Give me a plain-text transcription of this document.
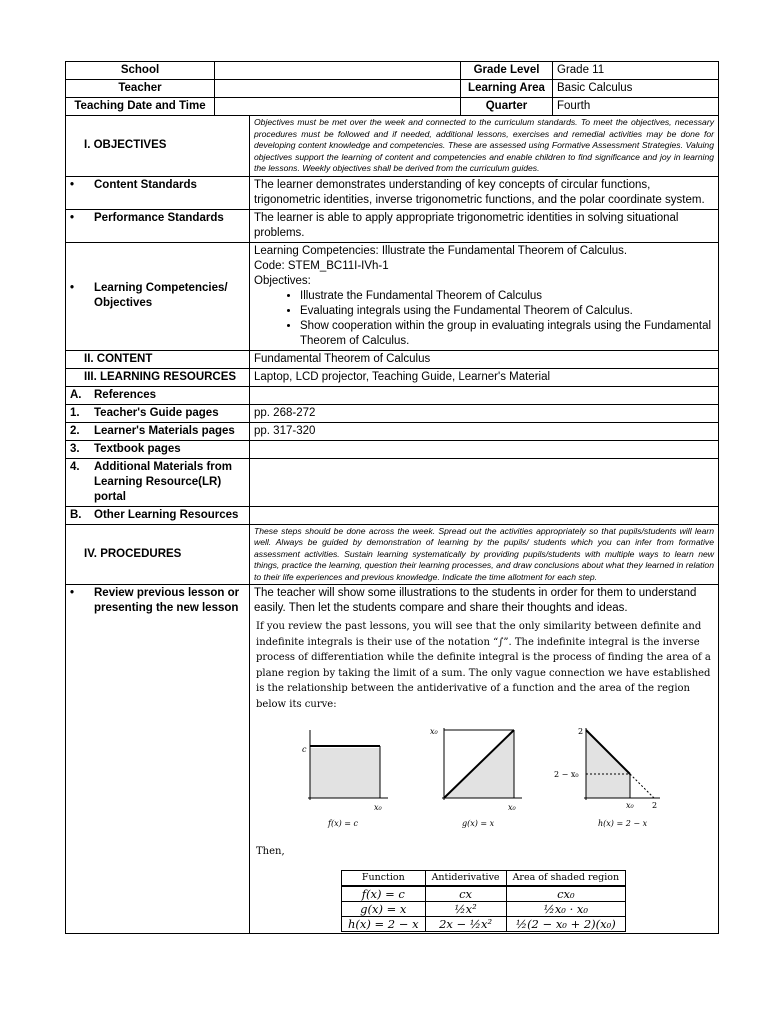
School		Grade Level	Grade 11
Teacher		Learning Area	Basic Calculus
Teaching Date and Time		Quarter	Fourth
I. OBJECTIVES	Objectives must be met over the week and connected to the curriculum standards. To meet the objectives, necessary procedures must be followed and if needed, additional lessons, exercises and remedial activities may be done for developing content knowledge and competencies. These are assessed using Formative Assessment Strategies. Valuing objectives support the learning of content and competencies and enable children to find significance and joy in learning the lessons. Weekly objectives shall be derived from the curriculum guides.

•	Content Standards	The learner demonstrates understanding of key concepts of circular functions, trigonometric identities, inverse trigonometric functions, and the polar coordinate system.

•	Performance Standards	The learner is able to apply appropriate trigonometric identities in solving situational problems.

•	Learning Competencies/ Objectives

Learning Competencies: Illustrate the Fundamental Theorem of Calculus.
Code: STEM_BC11I-IVh-1
Objectives:
• Illustrate the Fundamental Theorem of Calculus
• Evaluating integrals using the Fundamental Theorem of Calculus.
• Show cooperation within the group in evaluating integrals using the Fundamental Theorem of Calculus.

II. CONTENT	Fundamental Theorem of Calculus
III. LEARNING RESOURCES	Laptop, LCD projector, Teaching Guide, Learner's Material

A.	References

1.	Teacher's Guide pages	pp. 268-272

2.	Learner's Materials pages	pp. 317-320

3.	Textbook pages

4.	Additional Materials from Learning Resource(LR) portal

B.	Other Learning Resources

IV. PROCEDURES	These steps should be done across the week. Spread out the activities appropriately so that pupils/students will learn well. Always be guided by demonstration of learning by the pupils/ students which you can infer from formative assessment activities. Sustain learning systematically by providing pupils/students with multiple ways to learn new things, practice the learning, question their learning processes, and draw conclusions about what they learned in relation to their life experiences and previous knowledge. Indicate the time allotment for each step.

•	Review previous lesson or presenting the new lesson

The teacher will show some illustrations to the students in order for them to understand easily. Then let the students compare and share their thoughts and ideas.

If you review the past lessons, you will see that the only similarity between definite and indefinite integrals is their use of the notation “∫”. The indefinite integral is the inverse process of differentiation while the definite integral is the process of finding the area of a plane region by taking the limit of a sum. The only vague connection we have established is the relationship between the antiderivative of a function and the area of the region below its curve:

c
x₀
f(x) = c
x₀
x₀
g(x) = x
2
2 − x₀
x₀ 2
h(x) = 2 − x

Then,

Function	Antiderivative	Area of shaded region
f(x) = c	cx	cx₀
g(x) = x	½x²	½x₀ · x₀
h(x) = 2 − x	2x − ½x²	½(2 − x₀ + 2)(x₀)
